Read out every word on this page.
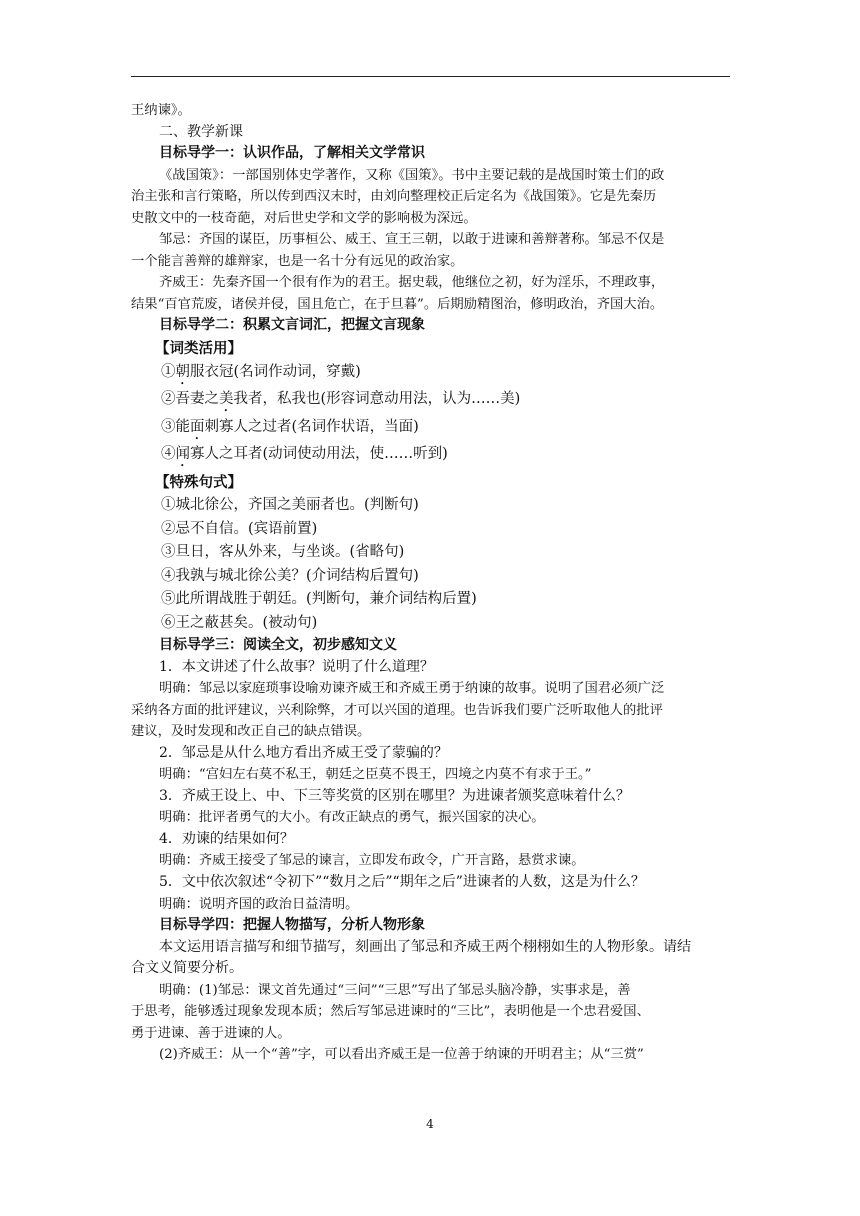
王纳谏》。
二、教学新课
目标导学一：认识作品，了解相关文学常识
《战国策》：一部国别体史学著作，又称《国策》。书中主要记载的是战国时策士们的政
治主张和言行策略，所以传到西汉末时，由刘向整理校正后定名为《战国策》。它是先秦历
史散文中的一枝奇葩，对后世史学和文学的影响极为深远。
邹忌：齐国的谋臣，历事桓公、威王、宣王三朝，以敢于进谏和善辩著称。邹忌不仅是
一个能言善辩的雄辩家，也是一名十分有远见的政治家。
齐威王：先秦齐国一个很有作为的君王。据史载，他继位之初，好为淫乐，不理政事，
结果“百官荒废，诸侯并侵，国且危亡，在于旦暮”。后期励精图治，修明政治，齐国大治。
目标导学二：积累文言词汇，把握文言现象
【词类活用】
①朝服衣冠(名词作动词，穿戴)
②吾妻之美我者，私我也(形容词意动用法，认为……美)
③能面刺寡人之过者(名词作状语，当面)
④闻寡人之耳者(动词使动用法，使……听到)
【特殊句式】
①城北徐公，齐国之美丽者也。(判断句)
②忌不自信。(宾语前置)
③旦日，客从外来，与坐谈。(省略句)
④我孰与城北徐公美？(介词结构后置句)
⑤此所谓战胜于朝廷。(判断句，兼介词结构后置)
⑥王之蔽甚矣。(被动句)
目标导学三：阅读全文，初步感知文义
1．本文讲述了什么故事？说明了什么道理？
明确：邹忌以家庭琐事设喻劝谏齐威王和齐威王勇于纳谏的故事。说明了国君必须广泛
采纳各方面的批评建议，兴利除弊，才可以兴国的道理。也告诉我们要广泛听取他人的批评
建议，及时发现和改正自己的缺点错误。
2．邹忌是从什么地方看出齐威王受了蒙骗的？
明确：“宫妇左右莫不私王，朝廷之臣莫不畏王，四境之内莫不有求于王。”
3．齐威王设上、中、下三等奖赏的区别在哪里？为进谏者颁奖意味着什么？
明确：批评者勇气的大小。有改正缺点的勇气，振兴国家的决心。
4．劝谏的结果如何？
明确：齐威王接受了邹忌的谏言，立即发布政令，广开言路，悬赏求谏。
5．文中依次叙述“令初下”“数月之后”“期年之后”进谏者的人数，这是为什么？
明确：说明齐国的政治日益清明。
目标导学四：把握人物描写，分析人物形象
本文运用语言描写和细节描写，刻画出了邹忌和齐威王两个栩栩如生的人物形象。请结
合文义简要分析。
明确：(1)邹忌：课文首先通过“三问”“三思”写出了邹忌头脑冷静，实事求是，善
于思考，能够透过现象发现本质；然后写邹忌进谏时的“三比”，表明他是一个忠君爱国、
勇于进谏、善于进谏的人。
(2)齐威王：从一个“善”字，可以看出齐威王是一位善于纳谏的开明君主；从“三赏”
4
